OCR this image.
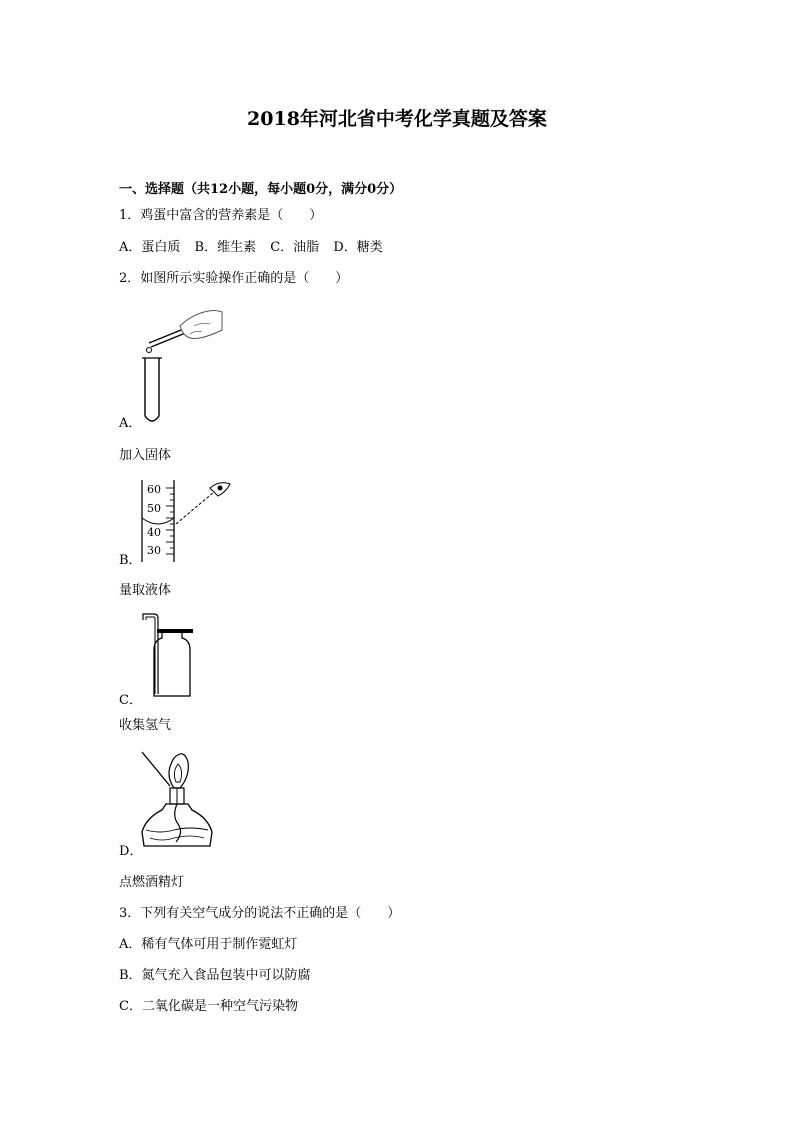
2018年河北省中考化学真题及答案
一、选择题（共12小题，每小题0分，满分0分）
1．鸡蛋中富含的营养素是（　　）
A．蛋白质 B．维生素 C．油脂 D．糖类
2．如图所示实验操作正确的是（　　）
A．
加入固体
60
50
40
30
B．
量取液体
C．
收集氢气
D．
点燃酒精灯
3．下列有关空气成分的说法不正确的是（　　）
A．稀有气体可用于制作霓虹灯
B．氮气充入食品包装中可以防腐
C．二氧化碳是一种空气污染物
